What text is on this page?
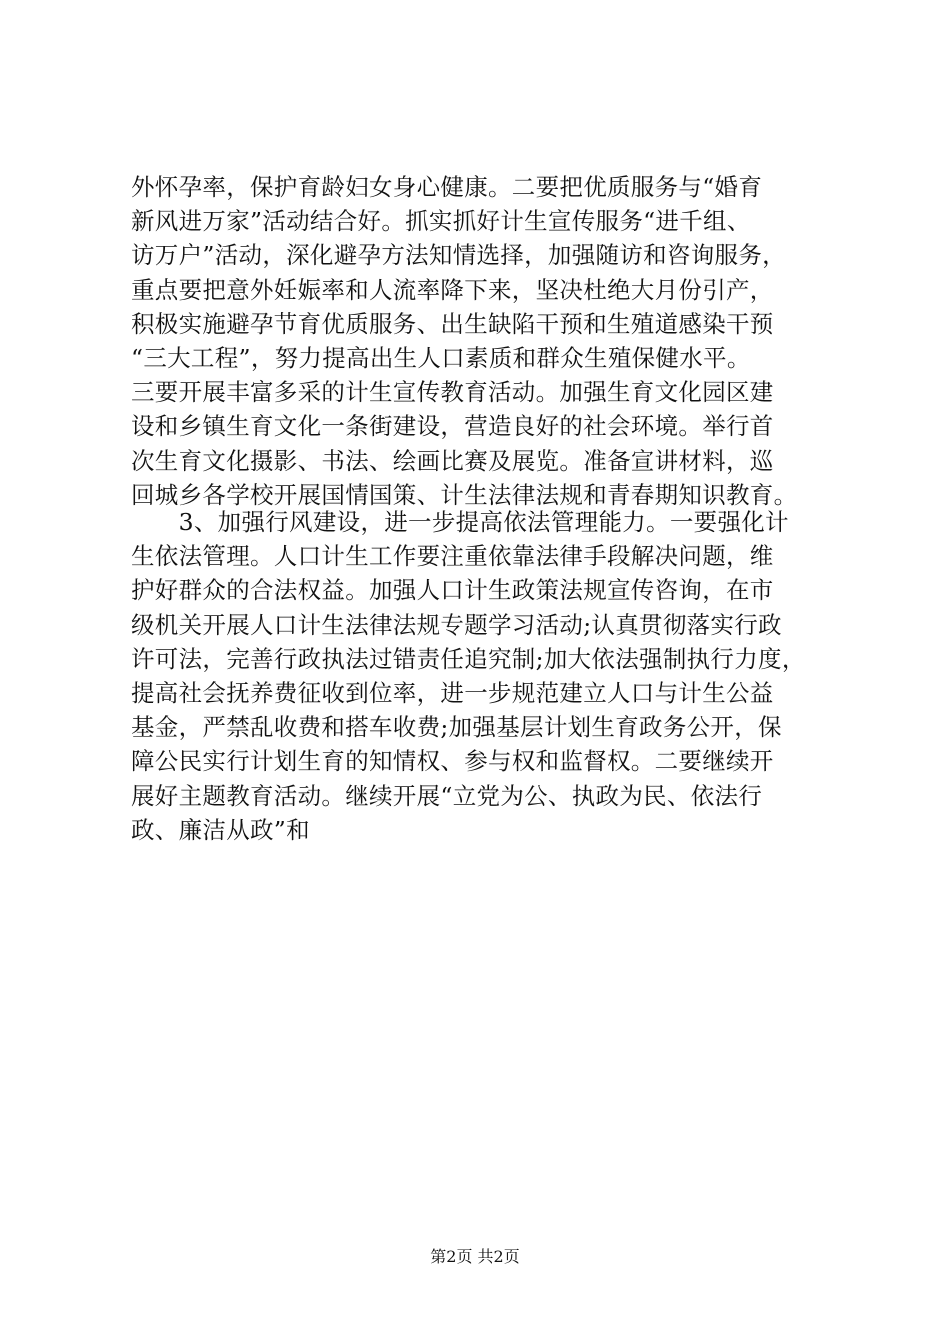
外怀孕率，保护育龄妇女身心健康。二要把优质服务与“婚育
新风进万家”活动结合好。抓实抓好计生宣传服务“进千组、
访万户”活动，深化避孕方法知情选择，加强随访和咨询服务，
重点要把意外妊娠率和人流率降下来，坚决杜绝大月份引产，
积极实施避孕节育优质服务、出生缺陷干预和生殖道感染干预
“三大工程”，努力提高出生人口素质和群众生殖保健水平。
三要开展丰富多采的计生宣传教育活动。加强生育文化园区建
设和乡镇生育文化一条街建设，营造良好的社会环境。举行首
次生育文化摄影、书法、绘画比赛及展览。准备宣讲材料，巡
回城乡各学校开展国情国策、计生法律法规和青春期知识教育。
　　3、加强行风建设，进一步提高依法管理能力。一要强化计
生依法管理。人口计生工作要注重依靠法律手段解决问题，维
护好群众的合法权益。加强人口计生政策法规宣传咨询，在市
级机关开展人口计生法律法规专题学习活动;认真贯彻落实行政
许可法，完善行政执法过错责任追究制;加大依法强制执行力度，
提高社会抚养费征收到位率，进一步规范建立人口与计生公益
基金，严禁乱收费和搭车收费;加强基层计划生育政务公开，保
障公民实行计划生育的知情权、参与权和监督权。二要继续开
展好主题教育活动。继续开展“立党为公、执政为民、依法行
政、廉洁从政”和
第2页 共2页
